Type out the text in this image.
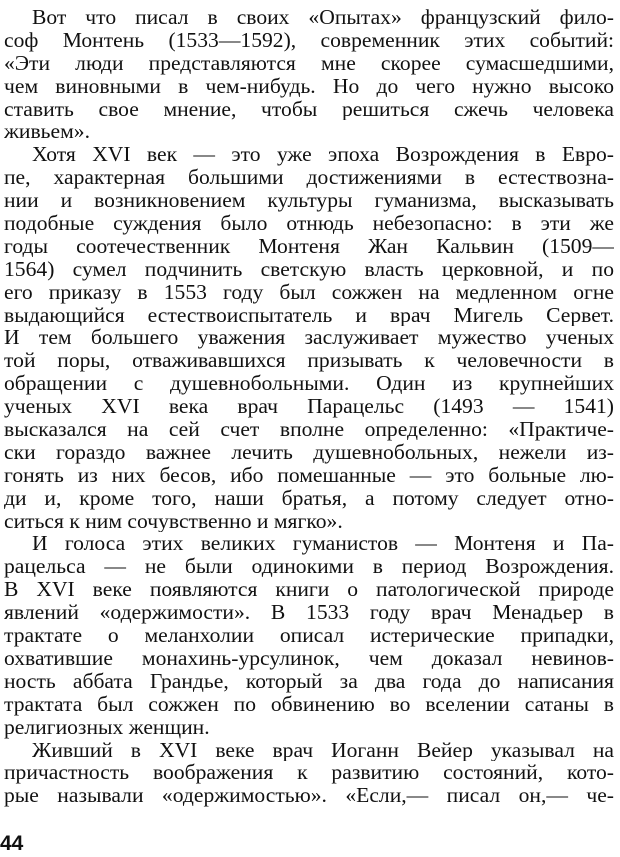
Вот что писал в своих «Опытах» французский фило-
соф Монтень (1533—1592), современник этих событий:
«Эти люди представляются мне скорее сумасшедшими,
чем виновными в чем-нибудь. Но до чего нужно высоко
ставить свое мнение, чтобы решиться сжечь человека
живьем».
Хотя XVI век — это уже эпоха Возрождения в Евро-
пе, характерная большими достижениями в естествозна-
нии и возникновением культуры гуманизма, высказывать
подобные суждения было отнюдь небезопасно: в эти же
годы соотечественник Монтеня Жан Кальвин (1509—
1564) сумел подчинить светскую власть церковной, и по
его приказу в 1553 году был сожжен на медленном огне
выдающийся естествоиспытатель и врач Мигель Сервет.
И тем большего уважения заслуживает мужество ученых
той поры, отваживавшихся призывать к человечности в
обращении с душевнобольными. Один из крупнейших
ученых XVI века врач Парацельс (1493 — 1541)
высказался на сей счет вполне определенно: «Практиче-
ски гораздо важнее лечить душевнобольных, нежели из-
гонять из них бесов, ибо помешанные — это больные лю-
ди и, кроме того, наши братья, а потому следует отно-
ситься к ним сочувственно и мягко».
И голоса этих великих гуманистов — Монтеня и Па-
рацельса — не были одинокими в период Возрождения.
В XVI веке появляются книги о патологической природе
явлений «одержимости». В 1533 году врач Менадьер в
трактате о меланхолии описал истерические припадки,
охватившие монахинь-урсулинок, чем доказал невинов-
ность аббата Грандье, который за два года до написания
трактата был сожжен по обвинению во вселении сатаны в
религиозных женщин.
Живший в XVI веке врач Иоганн Вейер указывал на
причастность воображения к развитию состояний, кото-
рые называли «одержимостью». «Если,— писал он,— че-
44
